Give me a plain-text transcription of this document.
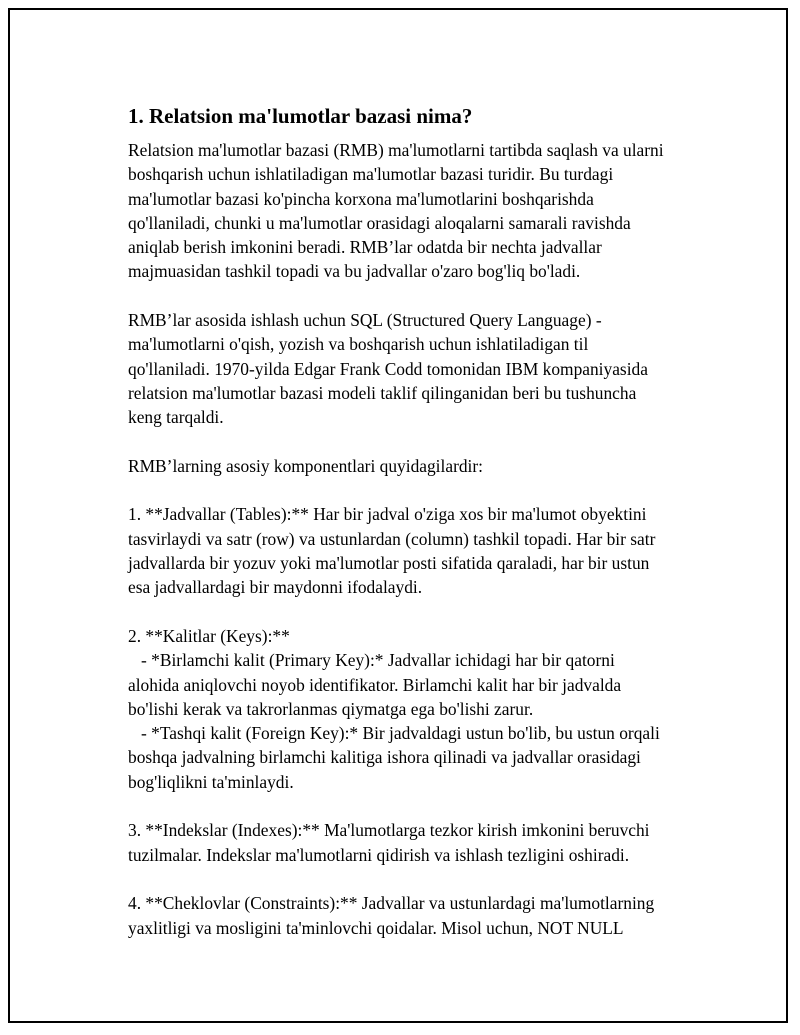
1. Relatsion ma'lumotlar bazasi nima?
Relatsion ma'lumotlar bazasi (RMB) ma'lumotlarni tartibda saqlash va ularni
boshqarish uchun ishlatiladigan ma'lumotlar bazasi turidir. Bu turdagi
ma'lumotlar bazasi ko'pincha korxona ma'lumotlarini boshqarishda
qo'llaniladi, chunki u ma'lumotlar orasidagi aloqalarni samarali ravishda
aniqlab berish imkonini beradi. RMB’lar odatda bir nechta jadvallar
majmuasidan tashkil topadi va bu jadvallar o'zaro bog'liq bo'ladi.
RMB’lar asosida ishlash uchun SQL (Structured Query Language) -
ma'lumotlarni o'qish, yozish va boshqarish uchun ishlatiladigan til
qo'llaniladi. 1970-yilda Edgar Frank Codd tomonidan IBM kompaniyasida
relatsion ma'lumotlar bazasi modeli taklif qilinganidan beri bu tushuncha
keng tarqaldi.
RMB’larning asosiy komponentlari quyidagilardir:
1. **Jadvallar (Tables):** Har bir jadval o'ziga xos bir ma'lumot obyektini
tasvirlaydi va satr (row) va ustunlardan (column) tashkil topadi. Har bir satr
jadvallarda bir yozuv yoki ma'lumotlar posti sifatida qaraladi, har bir ustun
esa jadvallardagi bir maydonni ifodalaydi.
2. **Kalitlar (Keys):**
- *Birlamchi kalit (Primary Key):* Jadvallar ichidagi har bir qatorni
alohida aniqlovchi noyob identifikator. Birlamchi kalit har bir jadvalda
bo'lishi kerak va takrorlanmas qiymatga ega bo'lishi zarur.
- *Tashqi kalit (Foreign Key):* Bir jadvaldagi ustun bo'lib, bu ustun orqali
boshqa jadvalning birlamchi kalitiga ishora qilinadi va jadvallar orasidagi
bog'liqlikni ta'minlaydi.
3. **Indekslar (Indexes):** Ma'lumotlarga tezkor kirish imkonini beruvchi
tuzilmalar. Indekslar ma'lumotlarni qidirish va ishlash tezligini oshiradi.
4. **Cheklovlar (Constraints):** Jadvallar va ustunlardagi ma'lumotlarning
yaxlitligi va mosligini ta'minlovchi qoidalar. Misol uchun, NOT NULL
